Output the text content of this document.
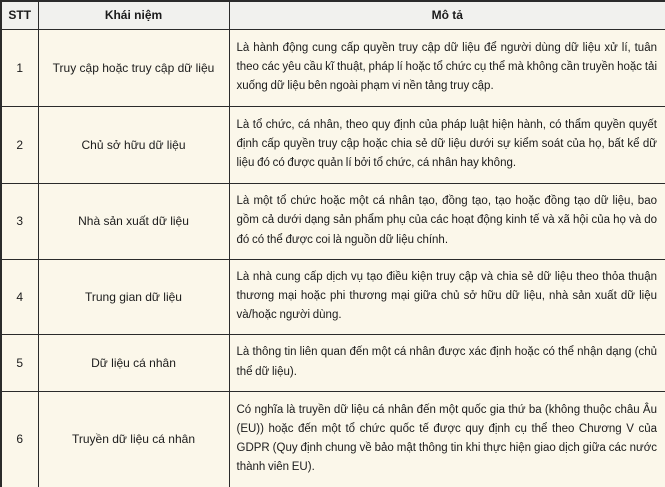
STT	Khái niệm	Mô tả
1	Truy cập hoặc truy cập dữ liệu	Là hành động cung cấp quyền truy cập dữ liệu để người dùng dữ liệu xử lí, tuân theo các yêu cầu kĩ thuật, pháp lí hoặc tổ chức cụ thể mà không cần truyền hoặc tải xuống dữ liệu bên ngoài phạm vi nền tảng truy cập.
2	Chủ sở hữu dữ liệu	Là tổ chức, cá nhân, theo quy định của pháp luật hiện hành, có thẩm quyền quyết định cấp quyền truy cập hoặc chia sẻ dữ liệu dưới sự kiểm soát của họ, bất kể dữ liệu đó có được quản lí bởi tổ chức, cá nhân hay không.
3	Nhà sản xuất dữ liệu	Là một tổ chức hoặc một cá nhân tạo, đồng tạo, tạo hoặc đồng tạo dữ liệu, bao gồm cả dưới dạng sản phẩm phụ của các hoạt động kinh tế và xã hội của họ và do đó có thể được coi là nguồn dữ liệu chính.
4	Trung gian dữ liệu	Là nhà cung cấp dịch vụ tạo điều kiện truy cập và chia sẻ dữ liệu theo thỏa thuận thương mại hoặc phi thương mại giữa chủ sở hữu dữ liệu, nhà sản xuất dữ liệu và/hoặc người dùng.
5	Dữ liệu cá nhân	Là thông tin liên quan đến một cá nhân được xác định hoặc có thể nhận dạng (chủ thể dữ liệu).
6	Truyền dữ liệu cá nhân	Có nghĩa là truyền dữ liệu cá nhân đến một quốc gia thứ ba (không thuộc châu Âu (EU)) hoặc đến một tổ chức quốc tế được quy định cụ thể theo Chương V của GDPR (Quy định chung về bảo mật thông tin khi thực hiện giao dịch giữa các nước thành viên EU).
